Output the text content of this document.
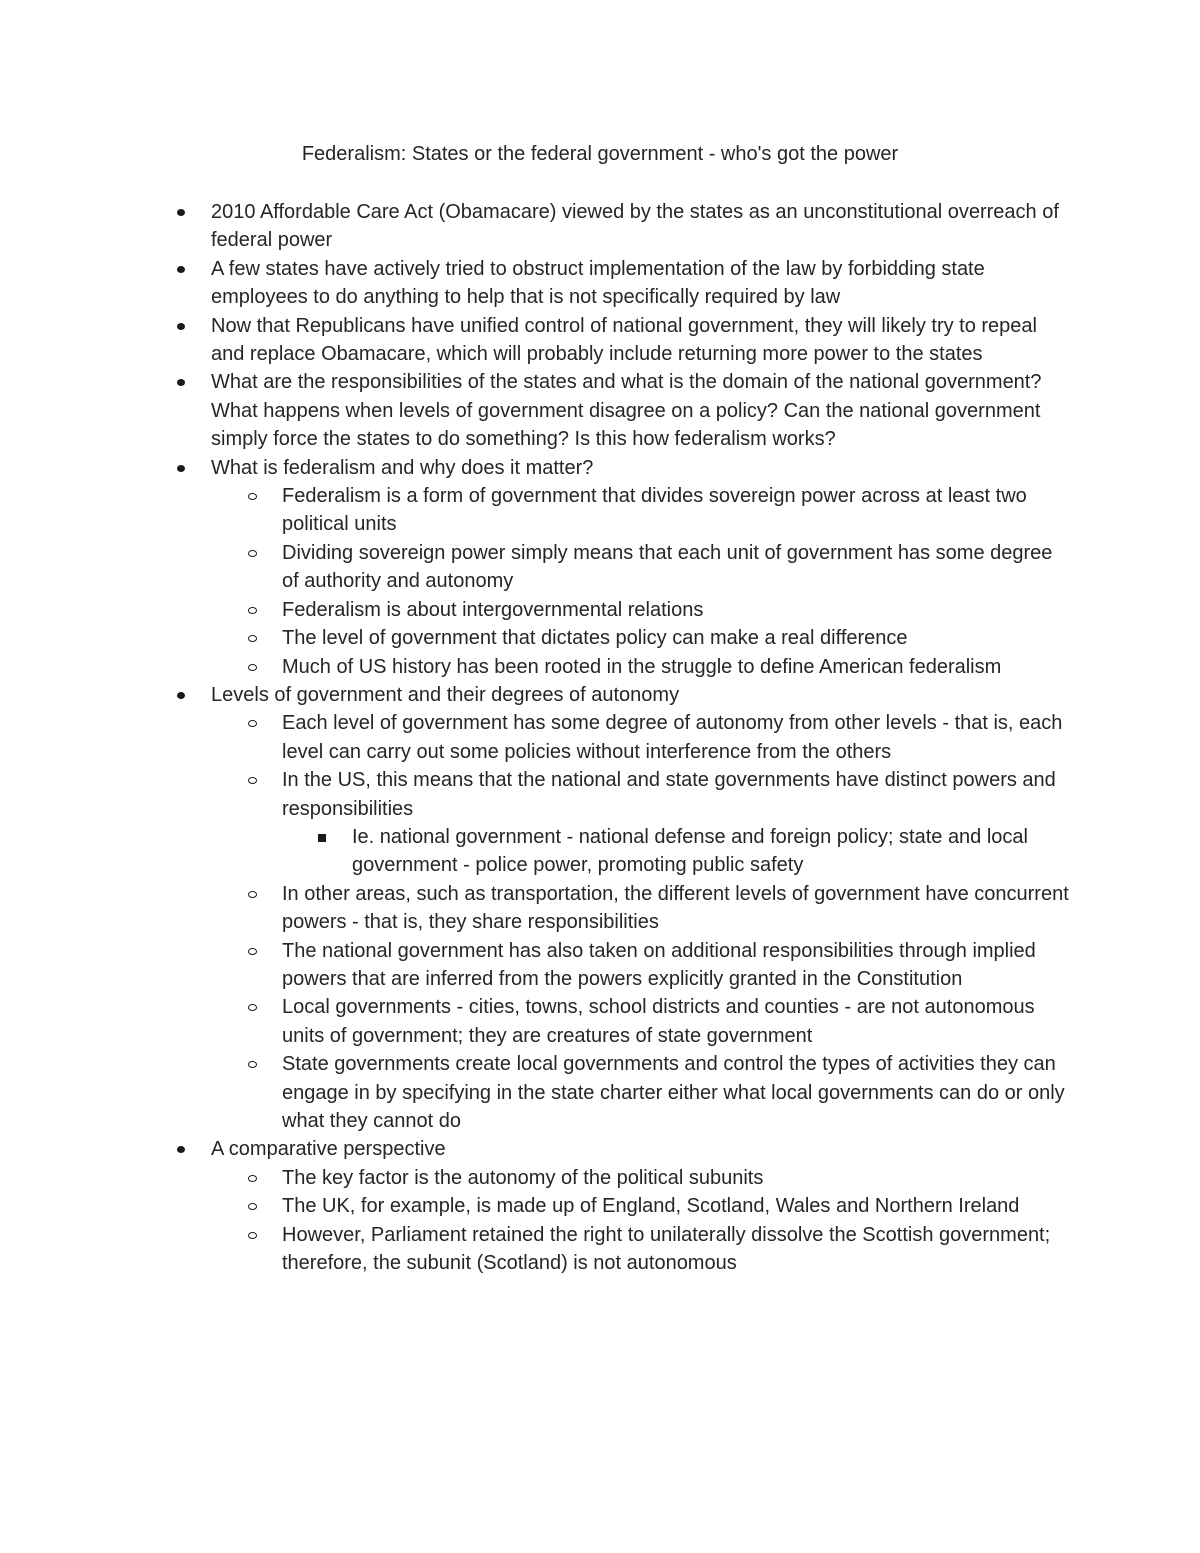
Federalism: States or the federal government - who's got the power
2010 Affordable Care Act (Obamacare) viewed by the states as an unconstitutional overreach of federal power
A few states have actively tried to obstruct implementation of the law by forbidding state employees to do anything to help that is not specifically required by law
Now that Republicans have unified control of national government, they will likely try to repeal and replace Obamacare, which will probably include returning more power to the states
What are the responsibilities of the states and what is the domain of the national government? What happens when levels of government disagree on a policy? Can the national government simply force the states to do something? Is this how federalism works?
What is federalism and why does it matter?
Federalism is a form of government that divides sovereign power across at least two political units
Dividing sovereign power simply means that each unit of government has some degree of authority and autonomy
Federalism is about intergovernmental relations
The level of government that dictates policy can make a real difference
Much of US history has been rooted in the struggle to define American federalism
Levels of government and their degrees of autonomy
Each level of government has some degree of autonomy from other levels - that is, each level can carry out some policies without interference from the others
In the US, this means that the national and state governments have distinct powers and responsibilities
Ie. national government - national defense and foreign policy; state and local government - police power, promoting public safety
In other areas, such as transportation, the different levels of government have concurrent powers - that is, they share responsibilities
The national government has also taken on additional responsibilities through implied powers that are inferred from the powers explicitly granted in the Constitution
Local governments - cities, towns, school districts and counties - are not autonomous units of government; they are creatures of state government
State governments create local governments and control the types of activities they can engage in by specifying in the state charter either what local governments can do or only what they cannot do
A comparative perspective
The key factor is the autonomy of the political subunits
The UK, for example, is made up of England, Scotland, Wales and Northern Ireland
However, Parliament retained the right to unilaterally dissolve the Scottish government; therefore, the subunit (Scotland) is not autonomous
